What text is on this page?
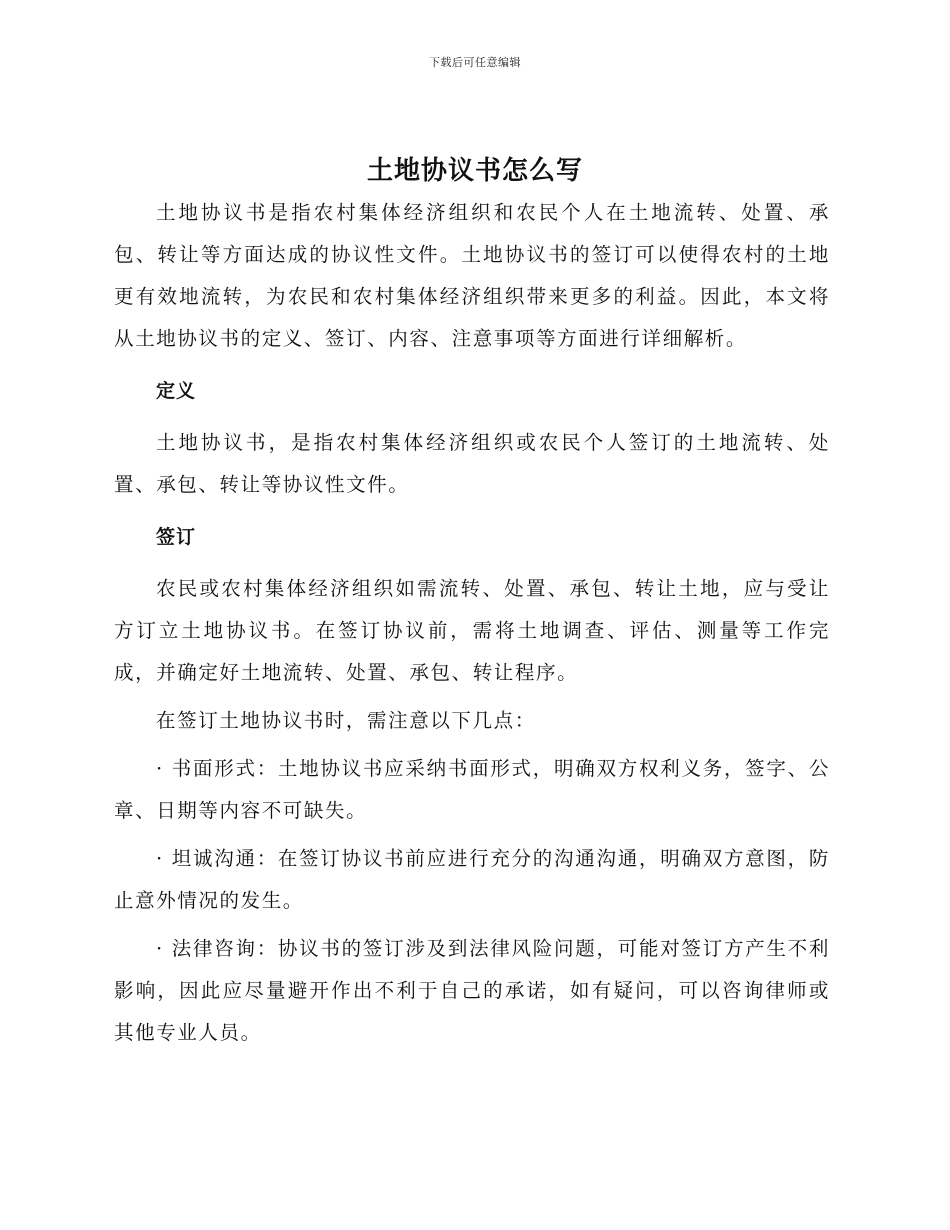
下载后可任意编辑
土地协议书怎么写

土地协议书是指农村集体经济组织和农民个人在土地流转、处置、承包、转让等方面达成的协议性文件。土地协议书的签订可以使得农村的土地更有效地流转，为农民和农村集体经济组织带来更多的利益。因此，本文将从土地协议书的定义、签订、内容、注意事项等方面进行详细解析。

定义

土地协议书，是指农村集体经济组织或农民个人签订的土地流转、处置、承包、转让等协议性文件。

签订

农民或农村集体经济组织如需流转、处置、承包、转让土地，应与受让方订立土地协议书。在签订协议前，需将土地调查、评估、测量等工作完成，并确定好土地流转、处置、承包、转让程序。

在签订土地协议书时，需注意以下几点：

· 书面形式：土地协议书应采纳书面形式，明确双方权利义务，签字、公章、日期等内容不可缺失。

· 坦诚沟通：在签订协议书前应进行充分的沟通沟通，明确双方意图，防止意外情况的发生。

· 法律咨询：协议书的签订涉及到法律风险问题，可能对签订方产生不利影响，因此应尽量避开作出不利于自己的承诺，如有疑问，可以咨询律师或其他专业人员。
